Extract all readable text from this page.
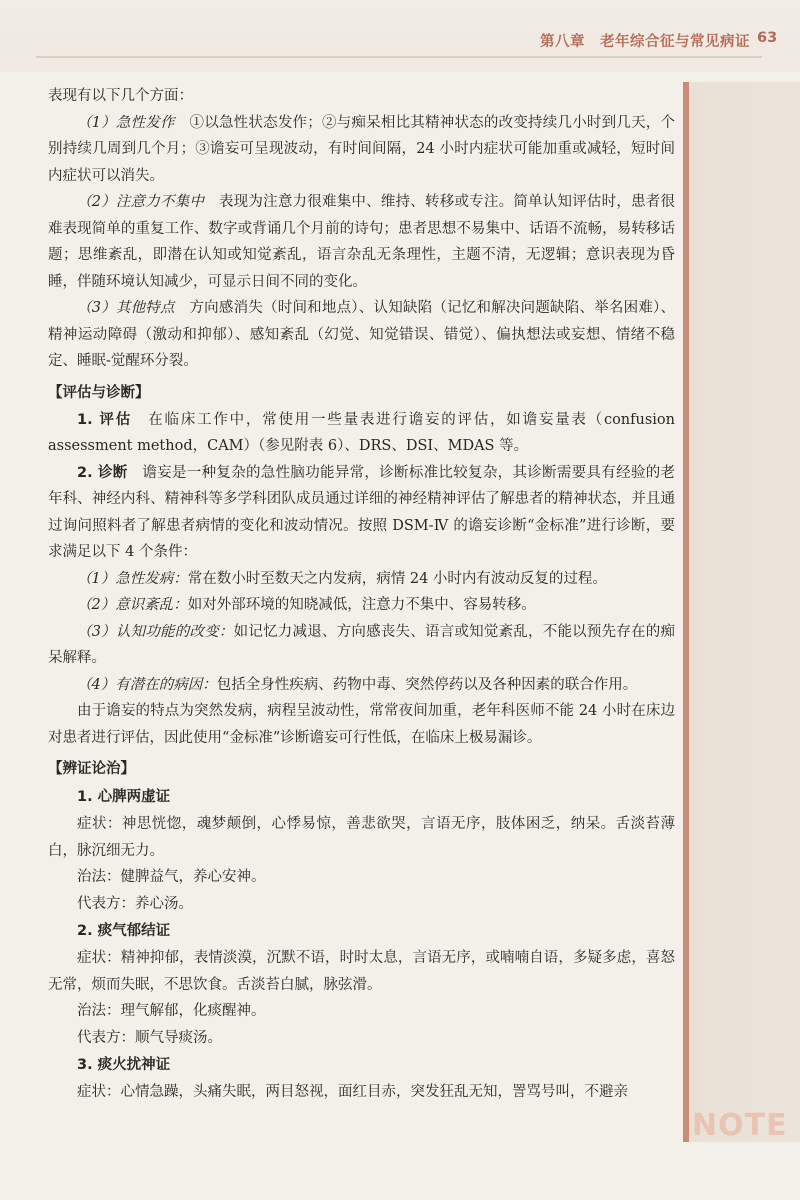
第八章　老年综合征与常见病证 63
NOTE

表现有以下几个方面：

（1）急性发作　 ①以急性状态发作；②与痴呆相比其精神状态的改变持续几小时到几天，个别持续几周到几个月；③谵妄可呈现波动，有时间间隔，24 小时内症状可能加重或减轻，短时间内症状可以消失。

（2）注意力不集中　 表现为注意力很难集中、维持、转移或专注。简单认知评估时，患者很难表现简单的重复工作、数字或背诵几个月前的诗句；患者思想不易集中、话语不流畅，易转移话题；思维紊乱，即潜在认知或知觉紊乱，语言杂乱无条理性，主题不清，无逻辑；意识表现为昏睡，伴随环境认知减少，可显示日间不同的变化。

（3）其他特点　 方向感消失（时间和地点）、认知缺陷（记忆和解决问题缺陷、举名困难）、精神运动障碍（激动和抑郁）、感知紊乱（幻觉、知觉错误、错觉）、偏执想法或妄想、情绪不稳定、睡眠-觉醒环分裂。

【评估与诊断】

1. 评估　 在临床工作中，常使用一些量表进行谵妄的评估，如谵妄量表（confusion assessment method，CAM）（参见附表 6）、DRS、DSI、MDAS 等。

2. 诊断　 谵妄是一种复杂的急性脑功能异常，诊断标准比较复杂，其诊断需要具有经验的老年科、神经内科、精神科等多学科团队成员通过详细的神经精神评估了解患者的精神状态，并且通过询问照料者了解患者病情的变化和波动情况。按照 DSM-Ⅳ 的谵妄诊断“金标准”进行诊断，要求满足以下 4 个条件：

（1）急性发病：常在数小时至数天之内发病，病情 24 小时内有波动反复的过程。

（2）意识紊乱：如对外部环境的知晓减低，注意力不集中、容易转移。

（3）认知功能的改变：如记忆力减退、方向感丧失、语言或知觉紊乱，不能以预先存在的痴呆解释。

（4）有潜在的病因：包括全身性疾病、药物中毒、突然停药以及各种因素的联合作用。

由于谵妄的特点为突然发病，病程呈波动性，常常夜间加重，老年科医师不能 24 小时在床边对患者进行评估，因此使用“金标准”诊断谵妄可行性低，在临床上极易漏诊。

【辨证论治】

1. 心脾两虚证

症状：神思恍惚，魂梦颠倒，心悸易惊，善悲欲哭，言语无序，肢体困乏，纳呆。舌淡苔薄白，脉沉细无力。

治法：健脾益气，养心安神。

代表方：养心汤。

2. 痰气郁结证

症状：精神抑郁，表情淡漠，沉默不语，时时太息，言语无序，或喃喃自语，多疑多虑，喜怒无常，烦而失眠，不思饮食。舌淡苔白腻，脉弦滑。

治法：理气解郁，化痰醒神。

代表方：顺气导痰汤。

3. 痰火扰神证

症状：心情急躁，头痛失眠，两目怒视，面红目赤，突发狂乱无知，詈骂号叫，不避亲
